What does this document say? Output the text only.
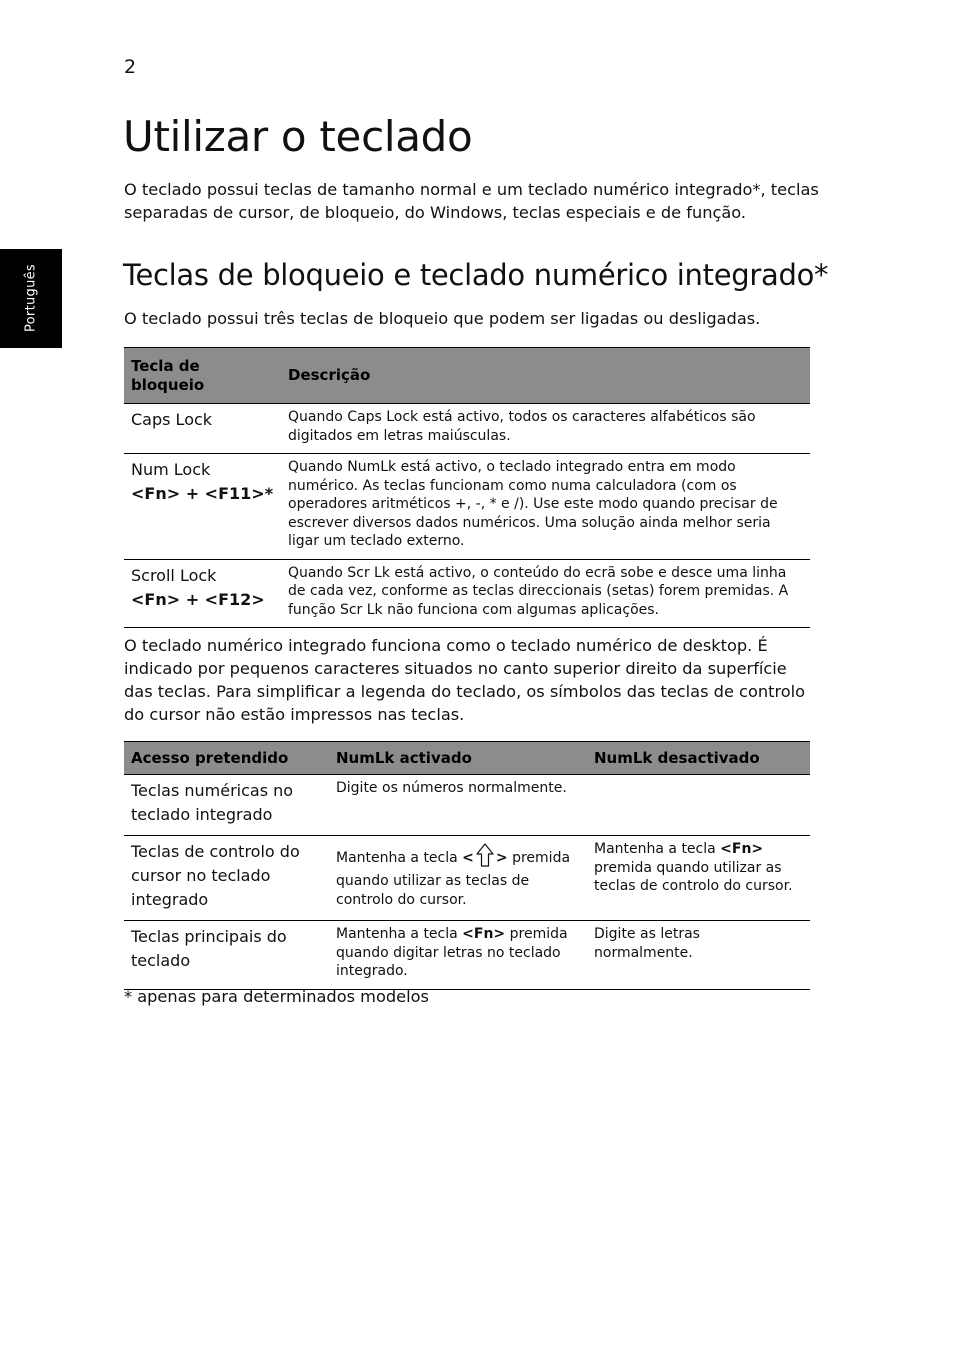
2
Português
Utilizar o teclado

O teclado possui teclas de tamanho normal e um teclado numérico integrado*, teclas separadas de cursor, de bloqueio, do Windows, teclas especiais e de função.

Teclas de bloqueio e teclado numérico integrado*

O teclado possui três teclas de bloqueio que podem ser ligadas ou desligadas.

Tecla de bloqueio	Descrição

Caps Lock	Quando Caps Lock está activo, todos os caracteres alfabéticos são digitados em letras maiúsculas.

Num Lock
<Fn> + <F11>*	Quando NumLk está activo, o teclado integrado entra em modo numérico. As teclas funcionam como numa calculadora (com os operadores aritméticos +, -, * e /). Use este modo quando precisar de escrever diversos dados numéricos. Uma solução ainda melhor seria ligar um teclado externo.

Scroll Lock
<Fn> + <F12>	Quando Scr Lk está activo, o conteúdo do ecrã sobe e desce uma linha de cada vez, conforme as teclas direccionais (setas) forem premidas. A função Scr Lk não funciona com algumas aplicações.

O teclado numérico integrado funciona como o teclado numérico de desktop. É indicado por pequenos caracteres situados no canto superior direito da superfície das teclas. Para simplificar a legenda do teclado, os símbolos das teclas de controlo do cursor não estão impressos nas teclas.

Acesso pretendido	NumLk activado	NumLk desactivado
Teclas numéricas no teclado integrado	Digite os números normalmente.	
Teclas de controlo do cursor no teclado integrado	Mantenha a tecla < > premida quando utilizar as teclas de controlo do cursor.	Mantenha a tecla <Fn> premida quando utilizar as teclas de controlo do cursor.
Teclas principais do teclado	Mantenha a tecla <Fn> premida quando digitar letras no teclado integrado.	Digite as letras normalmente.

* apenas para determinados modelos
